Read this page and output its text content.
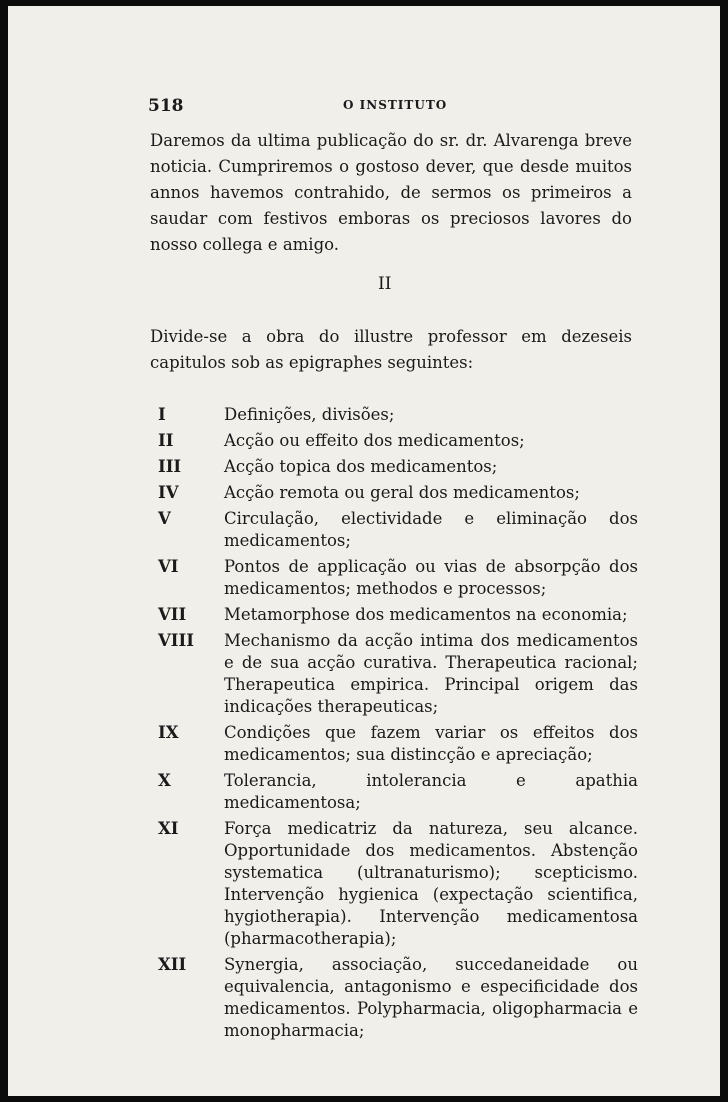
518	O INSTITUTO

Daremos da ultima publicação do sr. dr. Alvarenga breve noticia. Cumpriremos o gostoso dever, que desde muitos annos havemos contrahido, de sermos os primeiros a saudar com festivos emboras os preciosos lavores do nosso collega e amigo.

II

Divide-se a obra do illustre professor em dezeseis capitulos sob as epigraphes seguintes:

I	Definições, divisões;
II	Acção ou effeito dos medicamentos;
III	Acção topica dos medicamentos;
IV	Acção remota ou geral dos medicamentos;
V	Circulação, electividade e eliminação dos medicamentos;
VI	Pontos de applicação ou vias de absorpção dos medicamentos; methodos e processos;
VII	Metamorphose dos medicamentos na economia;
VIII	Mechanismo da acção intima dos medicamentos e de sua acção curativa. Therapeutica racional; Therapeutica empirica. Principal origem das indicações therapeuticas;
IX	Condições que fazem variar os effeitos dos medicamentos; sua distincção e apreciação;
X	Tolerancia, intolerancia e apathia medicamentosa;
XI	Força medicatriz da natureza, seu alcance. Opportunidade dos medicamentos. Abstenção systematica (ultranaturismo); scepticismo. Intervenção hygienica (expectação scientifica, hygiotherapia). Intervenção medicamentosa (pharmacotherapia);
XII	Synergia, associação, succedaneidade ou equivalencia, antagonismo e especificidade dos medicamentos. Polypharmacia, oligopharmacia e monopharmacia;
